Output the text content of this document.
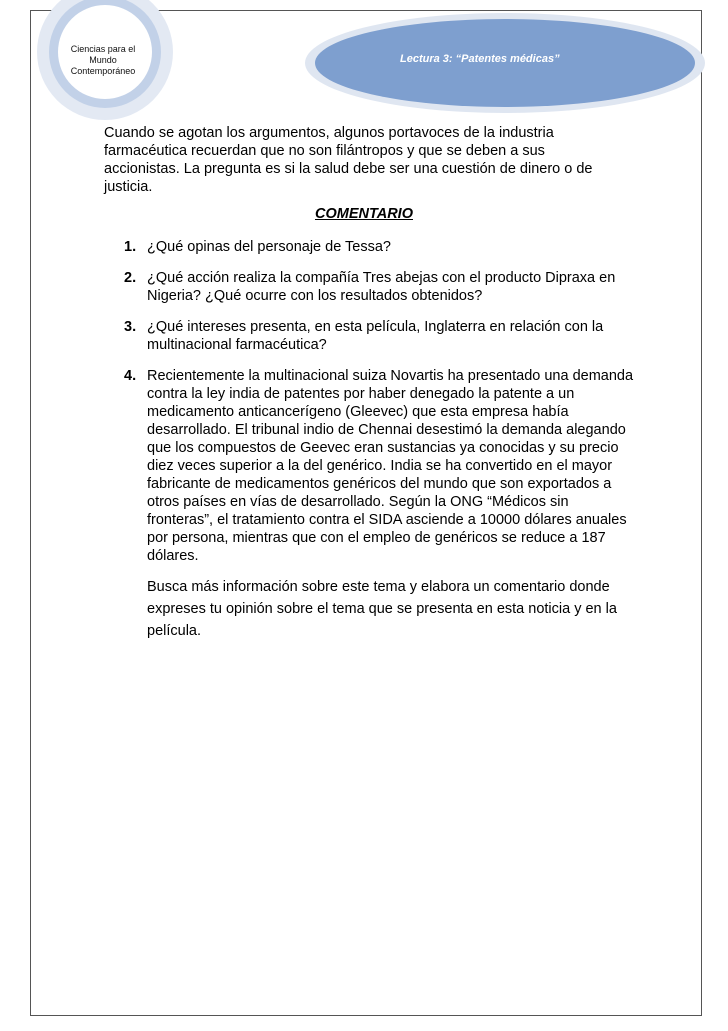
Ciencias para el
Mundo
Contemporáneo
Lectura 3: “Patentes médicas”
Cuando se agotan los argumentos, algunos portavoces de la industria farmacéutica recuerdan que no son filántropos y que se deben a sus accionistas. La pregunta es si la salud debe ser una cuestión de dinero o de justicia.
COMENTARIO
1. ¿Qué opinas del personaje de Tessa?
2. ¿Qué acción realiza la compañía Tres abejas con el producto Dipraxa en Nigeria? ¿Qué ocurre con los resultados obtenidos?
3. ¿Qué intereses presenta, en esta película, Inglaterra en relación con la multinacional farmacéutica?
4. Recientemente la multinacional suiza Novartis ha presentado una demanda contra la ley india de patentes por haber denegado la patente a un medicamento anticancerígeno (Gleevec) que esta empresa había desarrollado. El tribunal indio de Chennai desestimó la demanda alegando que los compuestos de Geevec eran sustancias ya conocidas y su precio diez veces superior a la del genérico. India se ha convertido en el mayor fabricante de medicamentos genéricos del mundo que son exportados a otros países en vías de desarrollado. Según la ONG “Médicos sin fronteras”, el tratamiento contra el SIDA asciende a 10000 dólares anuales por persona, mientras que con el empleo de genéricos se reduce a 187 dólares.
Busca más información sobre este tema y elabora un comentario donde expreses tu opinión sobre el tema que se presenta en esta noticia y en la película.
